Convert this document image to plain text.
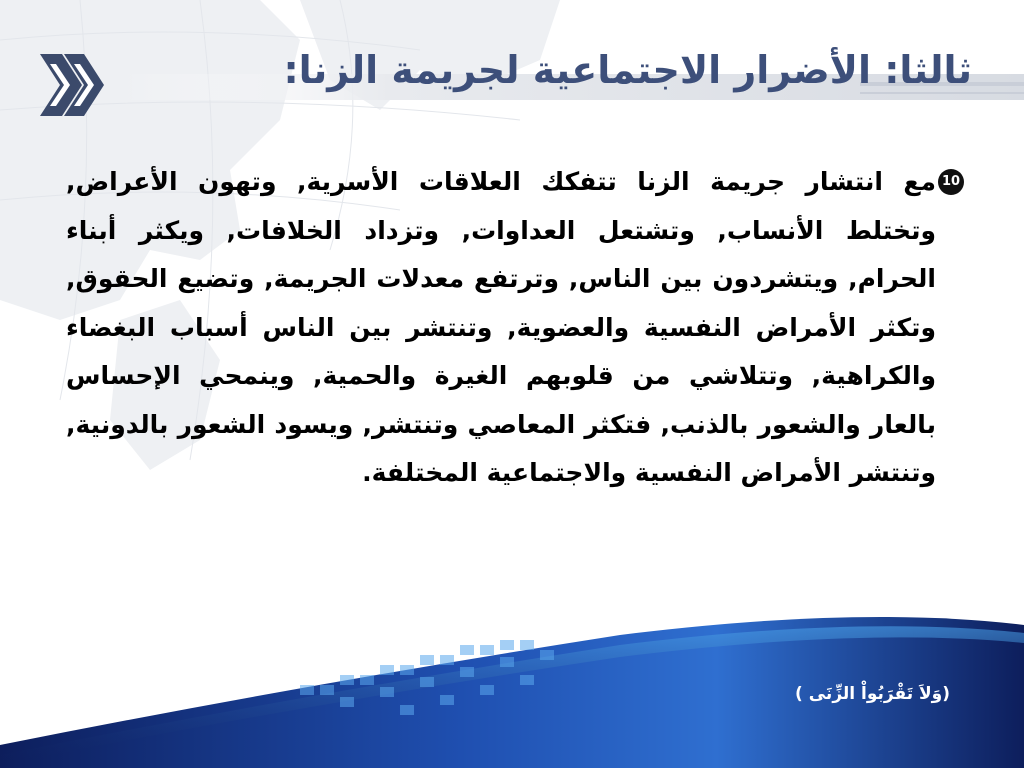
ثالثا: الأضرار الاجتماعية لجريمة الزنا:
10
مع انتشار جريمة الزنا تتفكك العلاقات الأسرية, وتهون الأعراض, وتختلط الأنساب, وتشتعل العداوات, وتزداد الخلافات, ويكثر أبناء الحرام, ويتشردون بين الناس, وترتفع معدلات الجريمة, وتضيع الحقوق, وتكثر الأمراض النفسية والعضوية, وتنتشر بين الناس أسباب البغضاء والكراهية, وتتلاشي من قلوبهم الغيرة والحمية, وينمحي الإحساس بالعار والشعور بالذنب, فتكثر المعاصي وتنتشر, ويسود الشعور بالدونية, وتنتشر الأمراض النفسية والاجتماعية المختلفة.
(وَلاَ تَقْرَبُواْ الزِّنَى )
